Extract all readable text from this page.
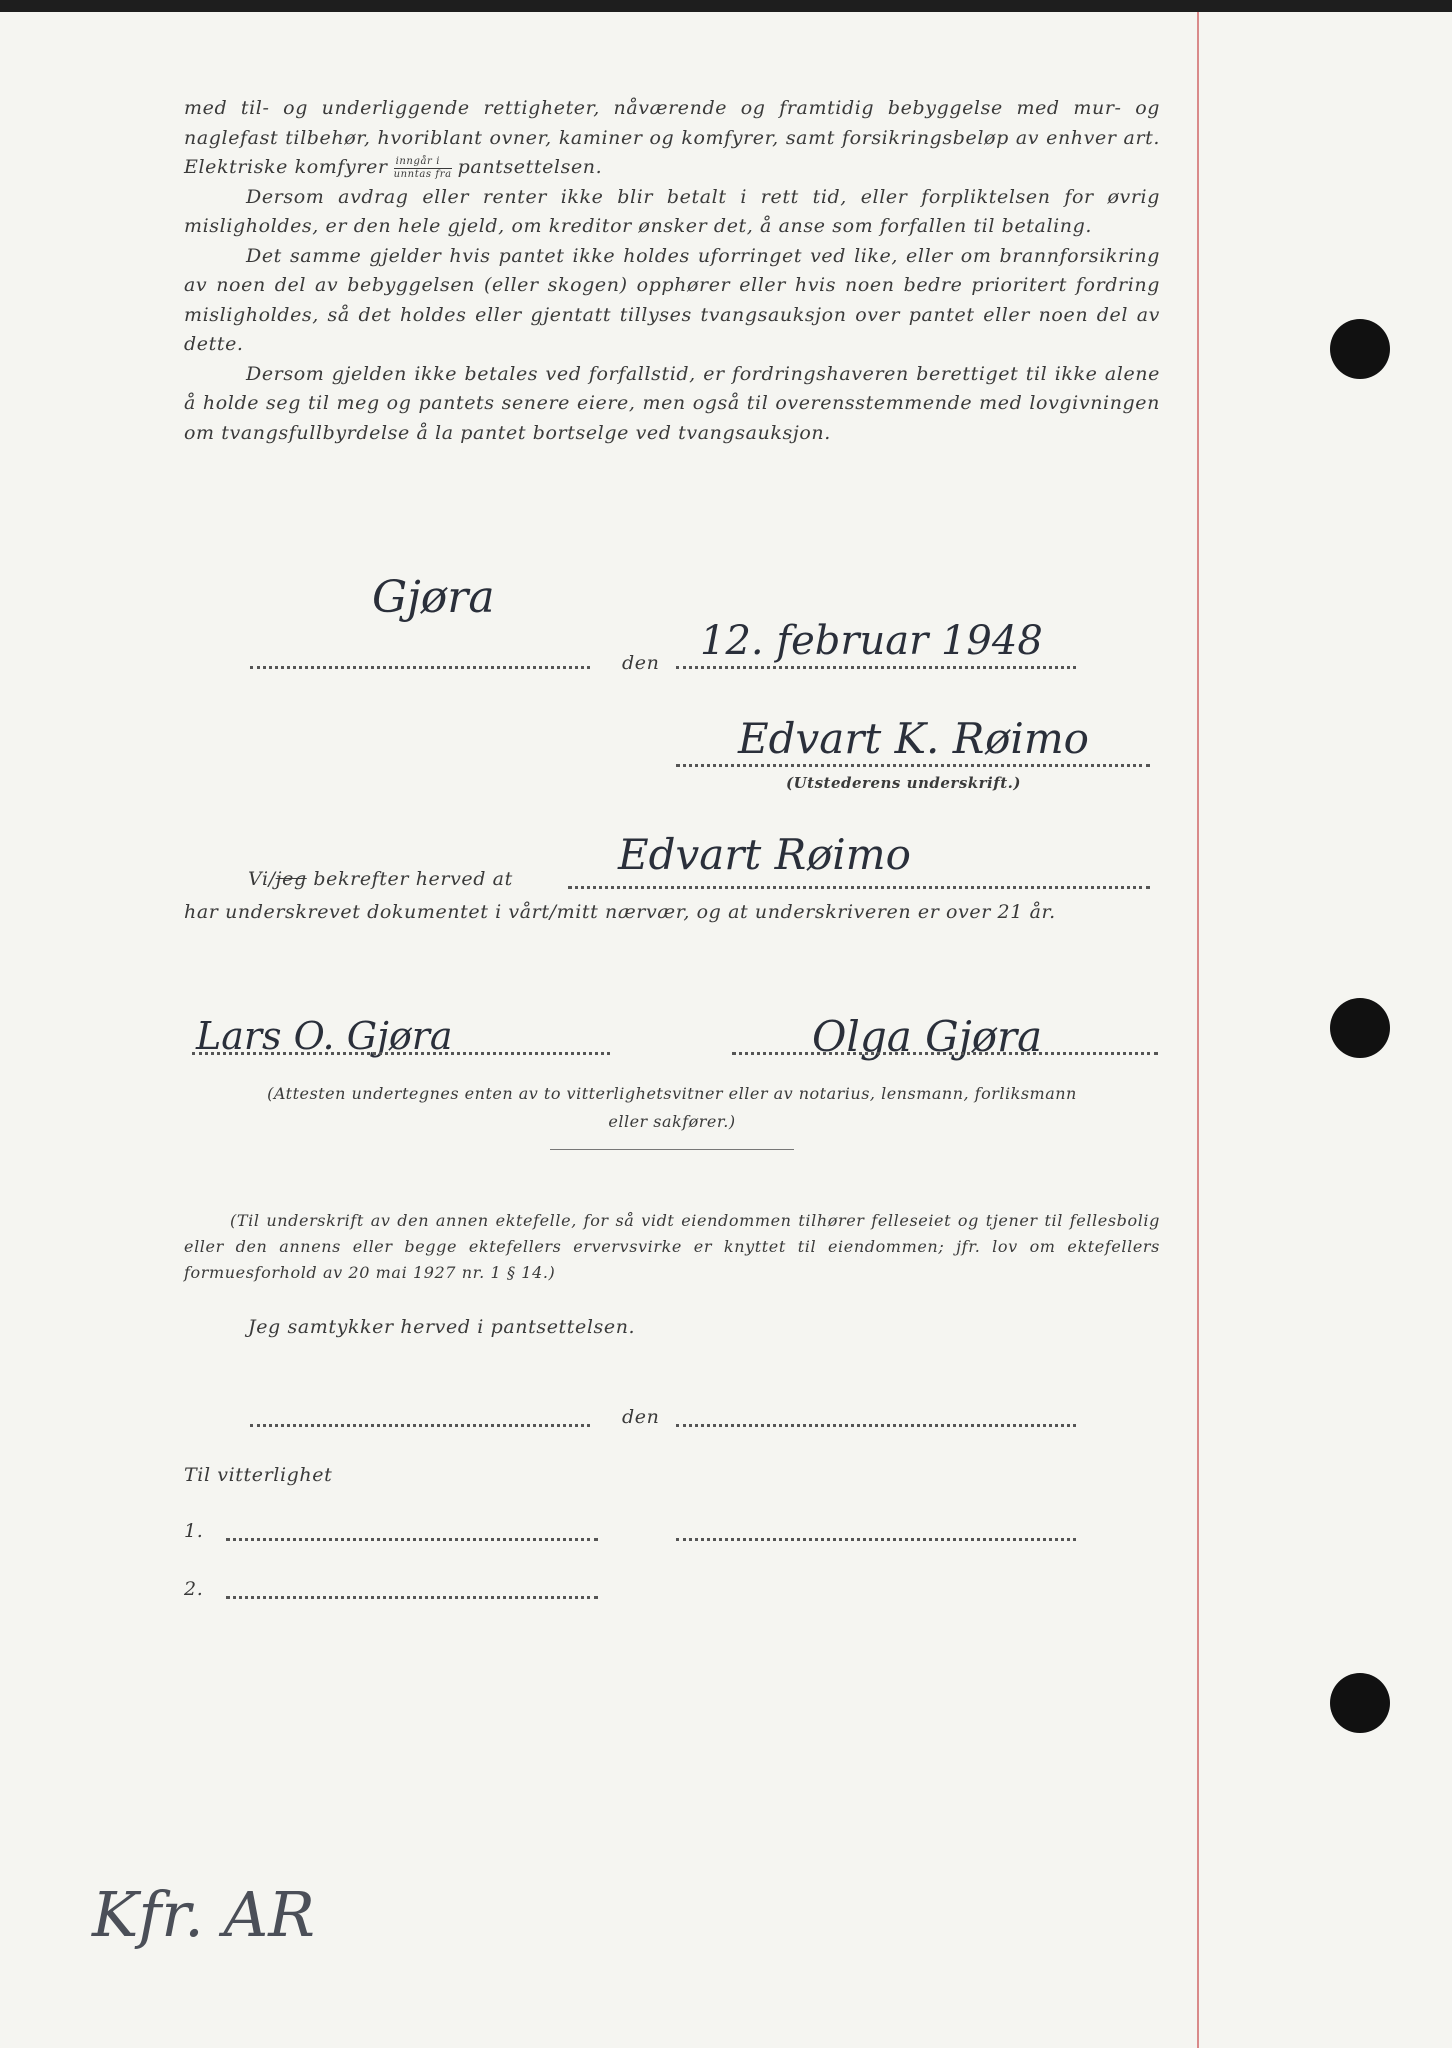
med til- og underliggende rettigheter, nåværende og framtidig bebyggelse med mur- og naglefast tilbehør, hvoriblant ovner, kaminer og komfyrer, samt forsikringsbeløp av enhver art. Elektriske komfyrer $\frac{\text{inngår i}}{\text{unntas fra}}$ pantsettelsen.

Dersom avdrag eller renter ikke blir betalt i rett tid, eller forpliktelsen for øvrig misligholdes, er den hele gjeld, om kreditor ønsker det, å anse som forfallen til betaling.

Det samme gjelder hvis pantet ikke holdes uforringet ved like, eller om brannforsikring av noen del av bebyggelsen (eller skogen) opphører eller hvis noen bedre prioritert fordring misligholdes, så det holdes eller gjentatt tillyses tvangsauksjon over pantet eller noen del av dette.

Dersom gjelden ikke betales ved forfallstid, er fordringshaveren berettiget til ikke alene å holde seg til meg og pantets senere eiere, men også til overensstemmende med lovgivningen om tvangsfullbyrdelse å la pantet bortselge ved tvangsauksjon.

Gjøra
den 12. februar 1948
Edvart K. Røimo
(Utstederens underskrift.)
Vi/jeg bekrefter herved at	Edvart Røimo

har underskrevet dokumentet i vårt/mitt nærvær, og at underskriveren er over 21 år.

Lars O. Gjøra	Olga Gjøra
(Attesten undertegnes enten av to vitterlighetsvitner eller av notarius, lensmann, forliksmann
eller sakfører.)

(Til underskrift av den annen ektefelle, for så vidt eiendommen tilhører felleseiet og tjener til fellesbolig eller den annens eller begge ektefellers ervervsvirke er knyttet til eiendommen; jfr. lov om ektefellers formuesforhold av 20 mai 1927 nr. 1 § 14.)

Jeg samtykker herved i pantsettelsen.
den
Til vitterlighet
1.
2.
Kfr. AR
